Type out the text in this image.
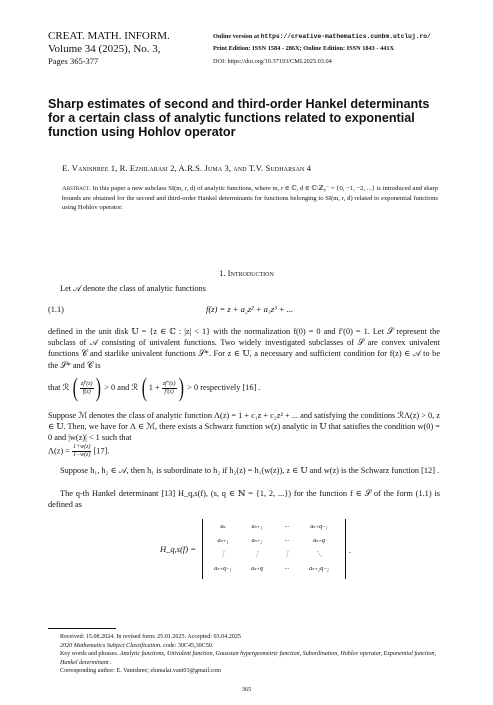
CREAT. MATH. INFORM.
Volume 34 (2025), No. 3,
Pages 365-377
Online version at https://creative-mathematics.cunbm.utcluj.ro/
Print Edition: ISSN 1584 - 286X; Online Edition: ISSN 1843 - 441X
DOI: https://doi.org/10.37193/CMI.2025.03.04
Sharp estimates of second and third-order Hankel determinants for a certain class of analytic functions related to exponential function using Hohlov operator
E. Vanishree 1, R. Ezhilarasi 2, A.R.S. Juma 3, and T.V. Sudharsan 4
Abstract. In this paper a new subclass SI(m, r, d) of analytic functions, where m, r ∈ ℂ, d ∈ ℂ\ℤ₀⁻ = {0, −1, −2, ...} is introduced and sharp bounds are obtained for the second and third-order Hankel determinants for functions belonging to SI(m, r, d) related to exponential functions using Hohlov operator.
1. Introduction
Let 𝒜 denote the class of analytic functions
(1.1)	f(z) = z + a₂z² + a₃z³ + ...
defined in the unit disk 𝕌 = {z ∈ ℂ : |z| < 1} with the normalization f(0) = 0 and f′(0) = 1. Let 𝒮 represent the subclass of 𝒜 consisting of univalent functions. Two widely investigated subclasses of 𝒮 are convex univalent functions 𝒞 and starlike univalent functions 𝒮*. For z ∈ 𝕌, a necessary and sufficient condition for f(z) ∈ 𝒜 to be the 𝒮* and 𝒞 is
that ℛ ( $\frac{zf'(z)}{f(z)}$ ) > 0 and ℛ ( $1 + \frac{zf''(z)}{f'(z)}$ ) > 0 respectively [16] .
Suppose ℳ denotes the class of analytic function Λ(z) = 1 + c₁z + c₂z² + ... and satisfying the conditions ℛΛ(z) > 0, z ∈ 𝕌. Then, we have for Λ ∈ ℳ, there exists a Schwarz function w(z) analytic in 𝕌 that satisfies the condition w(0) = 0 and |w(z)| < 1 such that
$\Lambda(z) = \frac{1+w(z)}{1-w(z)} [17]$.
Suppose h₁, h₂ ∈ 𝒜, then h₁ is subordinate to h₂ if h₂(z) = h₁(w(z)), z ∈ 𝕌 and w(z) is the Schwarz function [12] .
The q-th Hankel determinant [13] H_q,s(f), (s, q ∈ ℕ = {1, 2, ...}) for the function f ∈ 𝒮 of the form (1.1) is defined as
H_q,s(f) =
aₛ	aₛ₊₁	...	aₛ₊q₋₁
aₛ₊₁	aₛ₊₂	...	aₛ₊q
⋮	⋮	⋮	⋱
aₛ₊q₋₁	aₛ₊q	...	aₛ₊₂q₋₂
.
Received: 15.08.2024. In revised form: 25.01.2025. Accepted: 03.04.2025
2020 Mathematics Subject Classification. code: 30C45,30C50.
Key words and phrases. Analytic functions, Univalent function, Gaussian hypergeometric function, Subordination, Hohlov operator, Exponential function, Hankel determinant .
Corresponding author: E. Vanishree; elumalai.vani03@gmail.com
365
